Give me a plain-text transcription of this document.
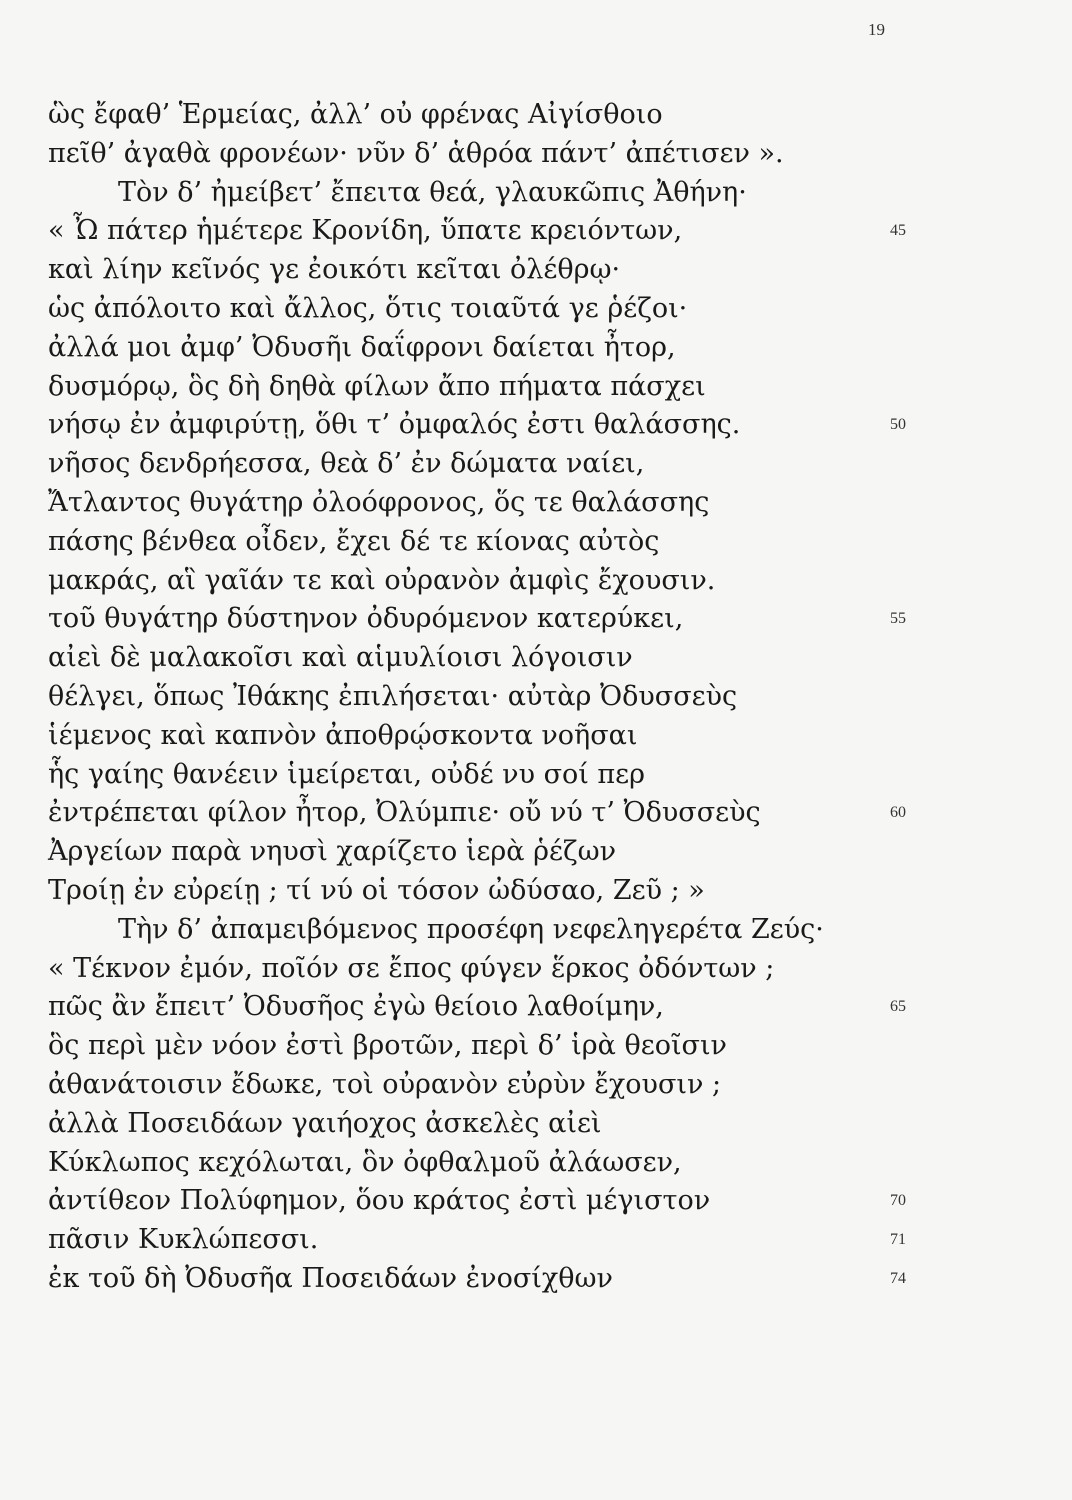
19
ὣς ἔφαθ’ Ἑρμείας, ἀλλ’ οὐ φρένας Αἰγίσθοιο
πεῖθ’ ἀγαθὰ φρονέων· νῦν δ’ ἁθρόα πάντ’ ἀπέτισεν ».
Τὸν δ’ ἠμείβετ’ ἔπειτα θεά, γλαυκῶπις Ἀθήνη·
« Ὦ πάτερ ἡμέτερε Κρονίδη, ὕπατε κρειόντων,	45
καὶ λίην κεῖνός γε ἐοικότι κεῖται ὀλέθρῳ·
ὡς ἀπόλοιτο καὶ ἄλλος, ὅτις τοιαῦτά γε ῥέζοι·
ἀλλά μοι ἀμφ’ Ὀδυσῆι δαΐφρονι δαίεται ἦτορ,
δυσμόρῳ, ὃς δὴ δηθὰ φίλων ἄπο πήματα πάσχει
νήσῳ ἐν ἀμφιρύτῃ, ὅθι τ’ ὀμφαλός ἐστι θαλάσσης.	50
νῆσος δενδρήεσσα, θεὰ δ’ ἐν δώματα ναίει,
Ἄτλαντος θυγάτηρ ὀλοόφρονος, ὅς τε θαλάσσης
πάσης βένθεα οἶδεν, ἔχει δέ τε κίονας αὐτὸς
μακράς, αἳ γαῖάν τε καὶ οὐρανὸν ἀμφὶς ἔχουσιν.
τοῦ θυγάτηρ δύστηνον ὀδυρόμενον κατερύκει,	55
αἰεὶ δὲ μαλακοῖσι καὶ αἱμυλίοισι λόγοισιν
θέλγει, ὅπως Ἰθάκης ἐπιλήσεται· αὐτὰρ Ὀδυσσεὺς
ἱέμενος καὶ καπνὸν ἀποθρῴσκοντα νοῆσαι
ἧς γαίης θανέειν ἱμείρεται, οὐδέ νυ σοί περ
ἐντρέπεται φίλον ἦτορ, Ὀλύμπιε· οὔ νύ τ’ Ὀδυσσεὺς	60
Ἀργείων παρὰ νηυσὶ χαρίζετο ἱερὰ ῥέζων
Τροίῃ ἐν εὐρείῃ ; τί νύ οἱ τόσον ὠδύσαο, Ζεῦ ; »
Τὴν δ’ ἀπαμειβόμενος προσέφη νεφεληγερέτα Ζεύς·
« Τέκνον ἐμόν, ποῖόν σε ἔπος φύγεν ἕρκος ὀδόντων ;
πῶς ἂν ἔπειτ’ Ὀδυσῆος ἐγὼ θείοιο λαθοίμην,	65
ὃς περὶ μὲν νόον ἐστὶ βροτῶν, περὶ δ’ ἱρὰ θεοῖσιν
ἀθανάτοισιν ἔδωκε, τοὶ οὐρανὸν εὐρὺν ἔχουσιν ;
ἀλλὰ Ποσειδάων γαιήοχος ἀσκελὲς αἰεὶ
Κύκλωπος κεχόλωται, ὃν ὀφθαλμοῦ ἀλάωσεν,
ἀντίθεον Πολύφημον, ὅου κράτος ἐστὶ μέγιστον	70
πᾶσιν Κυκλώπεσσι.	71
ἐκ τοῦ δὴ Ὀδυσῆα Ποσειδάων ἐνοσίχθων	74
